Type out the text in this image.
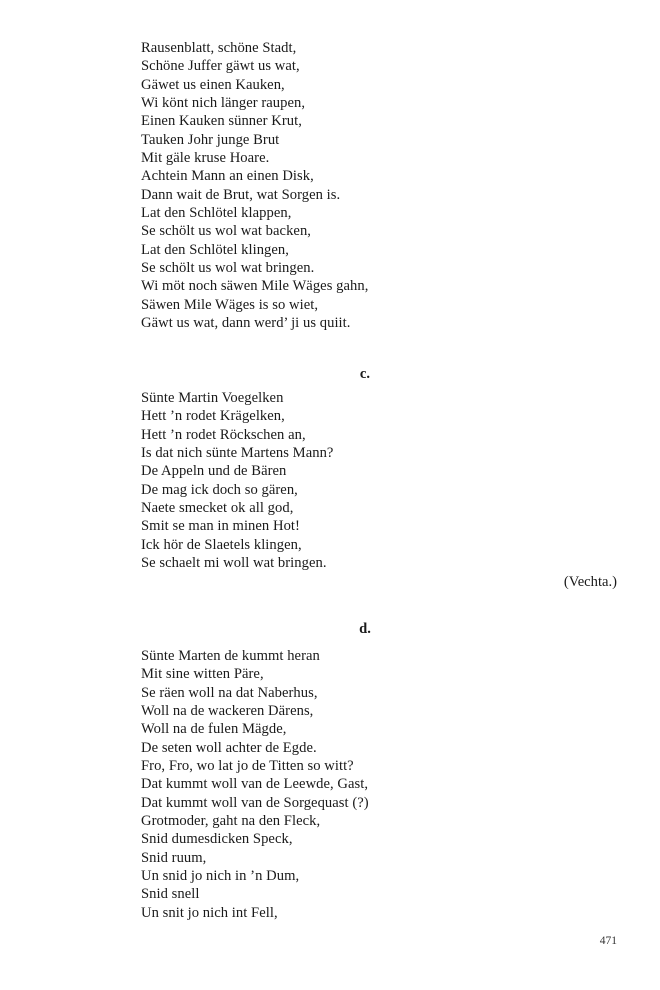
Rausenblatt, schöne Stadt,
Schöne Juffer gäwt us wat,
Gäwet us einen Kauken,
Wi könt nich länger raupen,
Einen Kauken sünner Krut,
Tauken Johr junge Brut
Mit gäle kruse Hoare.
Achtein Mann an einen Disk,
Dann wait de Brut, wat Sorgen is.
Lat den Schlötel klappen,
Se schölt us wol wat backen,
Lat den Schlötel klingen,
Se schölt us wol wat bringen.
Wi möt noch säwen Mile Wäges gahn,
Säwen Mile Wäges is so wiet,
Gäwt us wat, dann werd’ ji us quiit.
c.
Sünte Martin Voegelken
Hett ’n rodet Krägelken,
Hett ’n rodet Röckschen an,
Is dat nich sünte Martens Mann?
De Appeln und de Bären
De mag ick doch so gären,
Naete smecket ok all god,
Smit se man in minen Hot!
Ick hör de Slaetels klingen,
Se schaelt mi woll wat bringen.
(Vechta.)
d.
Sünte Marten de kummt heran
Mit sine witten Päre,
Se räen woll na dat Naberhus,
Woll na de wackeren Därens,
Woll na de fulen Mägde,
De seten woll achter de Egde.
Fro, Fro, wo lat jo de Titten so witt?
Dat kummt woll van de Leewde, Gast,
Dat kummt woll van de Sorgequast (?)
Grotmoder, gaht na den Fleck,
Snid dumesdicken Speck,
Snid ruum,
Un snid jo nich in ’n Dum,
Snid snell
Un snit jo nich int Fell,
471
